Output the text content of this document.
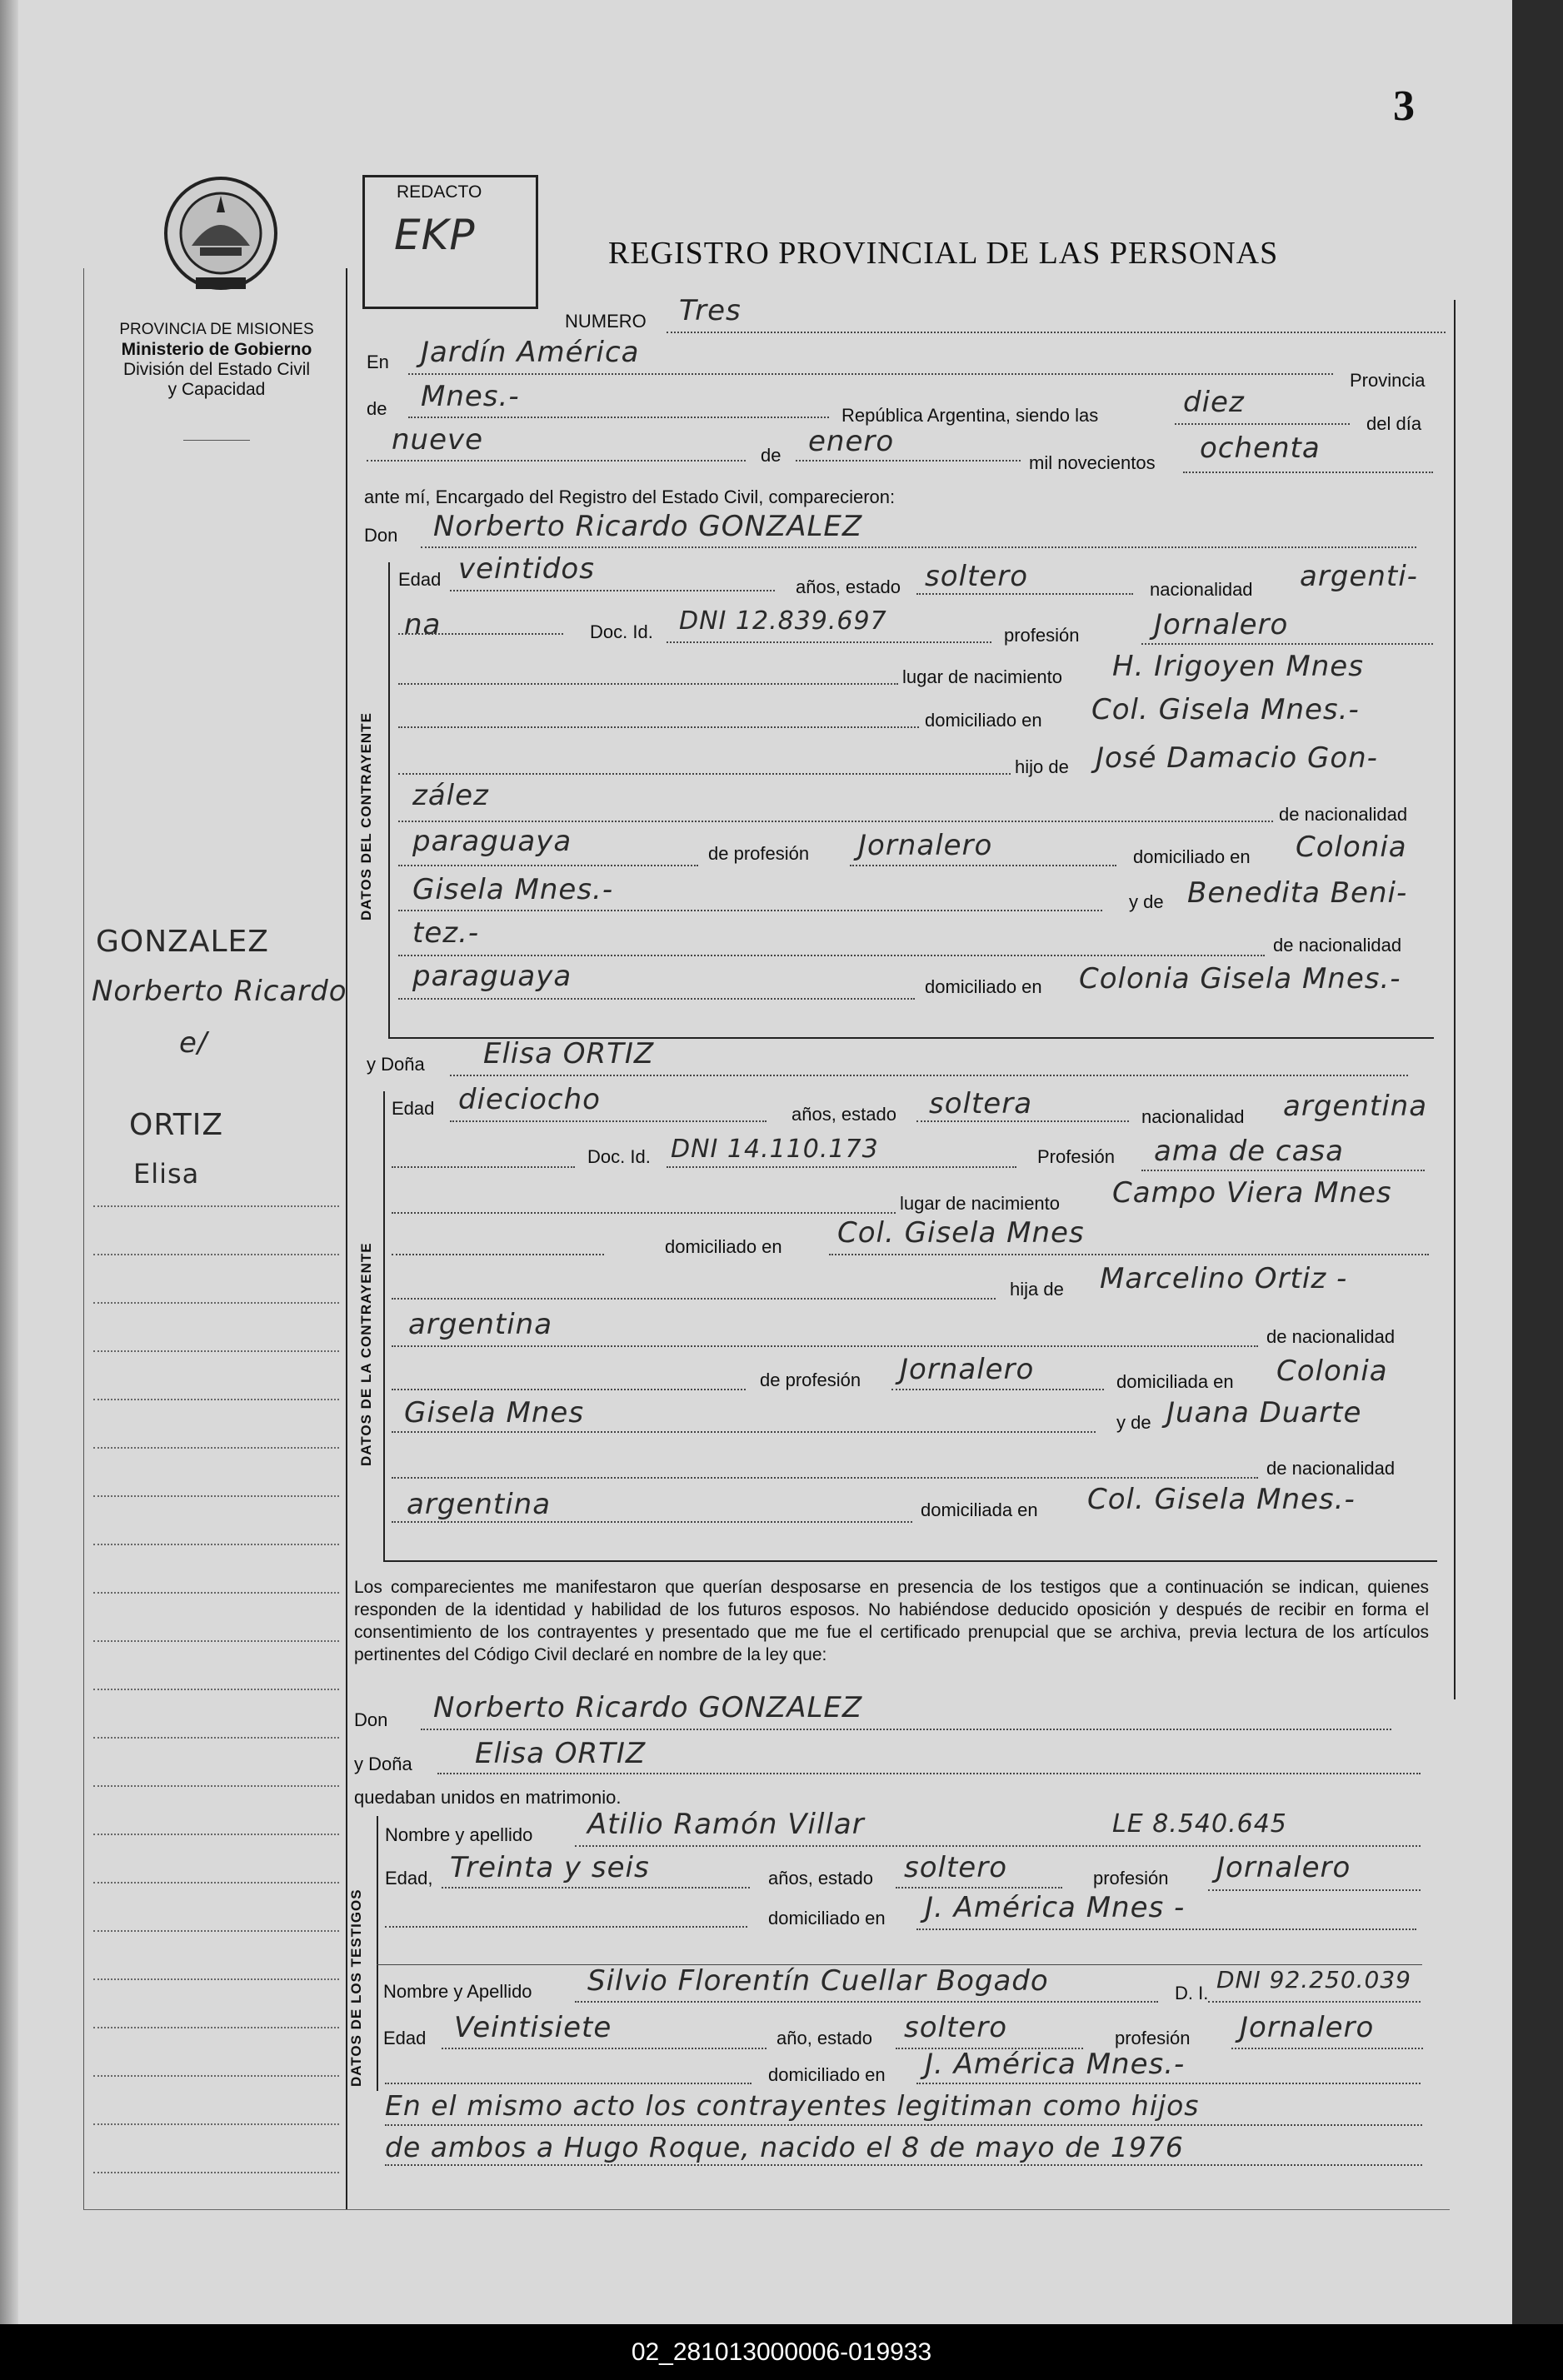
3
PROVINCIA DE MISIONES
Ministerio de Gobierno
División del Estado Civil
y Capacidad
GONZALEZ
Norberto Ricardo
e/
ORTIZ
Elisa
REDACTO
EKP	REGISTRO PROVINCIAL DE LAS PERSONAS
NUMERO Tres
En Jardín América
Provincia
de Mnes.-
República Argentina, siendo las	diez
del día
nueve	de enero
mil novecientos ochenta
ante mí, Encargado del Registro del Estado Civil, comparecieron:
Don Norberto Ricardo GONZALEZ
DATOS DEL CONTRAYENTE
Edad veintidos
años, estado soltero	nacionalidad argenti-
na	Doc. Id. DNI 12.839.697	profesión	Jornalero
lugar de nacimiento H. Irigoyen Mnes
domiciliado en Col. Gisela Mnes.-
hijo de José Damacio Gon-
zález
de nacionalidad
paraguaya	de profesión Jornalero	domiciliado en Colonia
Gisela Mnes.-	y de Benedita Beni-
tez.-	de nacionalidad
paraguaya	domiciliado en Colonia Gisela Mnes.-
y Doña Elisa ORTIZ
DATOS DE LA CONTRAYENTE
Edad dieciocho	años, estado soltera	nacionalidad argentina
Doc. Id. DNI 14.110.173	Profesión ama de casa
lugar de nacimiento Campo Viera Mnes
domiciliado en Col. Gisela Mnes
hija de Marcelino Ortiz -
argentina	de nacionalidad
de profesión Jornalero	domiciliada en Colonia
Gisela Mnes	y de Juana Duarte
de nacionalidad
argentina	domiciliada en Col. Gisela Mnes.-
Los comparecientes me manifestaron que querían desposarse en presencia de los testigos que a continuación se indican, quienes responden de la identidad y habilidad de los futuros esposos. No habiéndose deducido oposición y después de recibir en forma el consentimiento de los contrayentes y presentado que me fue el certificado prenupcial que se archiva, previa lectura de los artículos pertinentes del Código Civil declaré en nombre de la ley que:
Don Norberto Ricardo GONZALEZ
y Doña Elisa ORTIZ
quedaban unidos en matrimonio.
DATOS DE LOS TESTIGOS
Nombre y apellido Atilio Ramón Villar	LE 8.540.645
Edad, Treinta y seis	años, estado soltero	profesión Jornalero
domiciliado en J. América Mnes -
Nombre y Apellido Silvio Florentín Cuellar Bogado	D. I. DNI 92.250.039
Edad Veintisiete	año, estado soltero	profesión Jornalero
domiciliado en J. América Mnes.-
En el mismo acto los contrayentes legitiman como hijos
de ambos a Hugo Roque, nacido el 8 de mayo de 1976
02_281013000006-019933
